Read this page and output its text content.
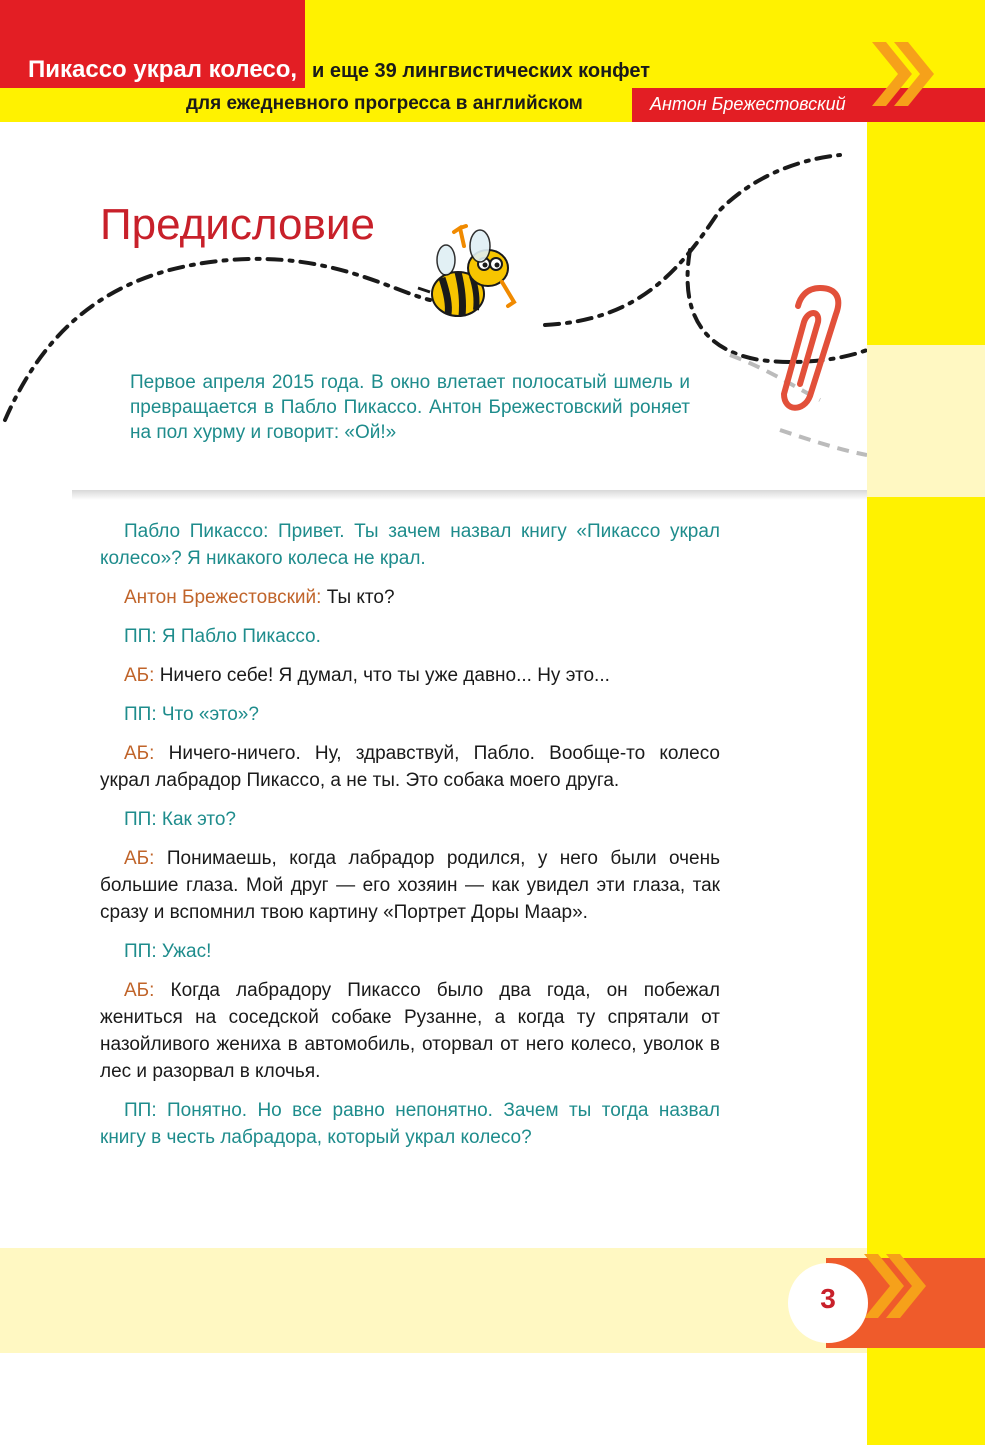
Пикассо украл колесо, и еще 39 лингвистических конфет
для ежедневного прогресса в английском	Антон Брежестовский
Предисловие

Первое апреля 2015 года. В окно влетает полосатый шмель и превращается в Пабло Пикассо. Антон Брежестовский роняет на пол хурму и говорит: «Ой!»

Пабло Пикассо: Привет. Ты зачем назвал книгу «Пикассо украл колесо»? Я никакого колеса не крал.

Антон Брежестовский: Ты кто?

ПП: Я Пабло Пикассо.

АБ: Ничего себе! Я думал, что ты уже давно... Ну это...

ПП: Что «это»?

АБ: Ничего-ничего. Ну, здравствуй, Пабло. Вообще-то колесо украл лабрадор Пикассо, а не ты. Это собака моего друга.

ПП: Как это?

АБ: Понимаешь, когда лабрадор родился, у него были очень большие глаза. Мой друг — его хозяин — как увидел эти глаза, так сразу и вспомнил твою картину «Портрет Доры Маар».

ПП: Ужас!

АБ: Когда лабрадору Пикассо было два года, он побежал жениться на соседской собаке Рузанне, а когда ту спрятали от назойливого жениха в автомобиль, оторвал от него колесо, уволок в лес и разорвал в клочья.

ПП: Понятно. Но все равно непонятно. Зачем ты тогда назвал книгу в честь лабрадора, который украл колесо?

3
